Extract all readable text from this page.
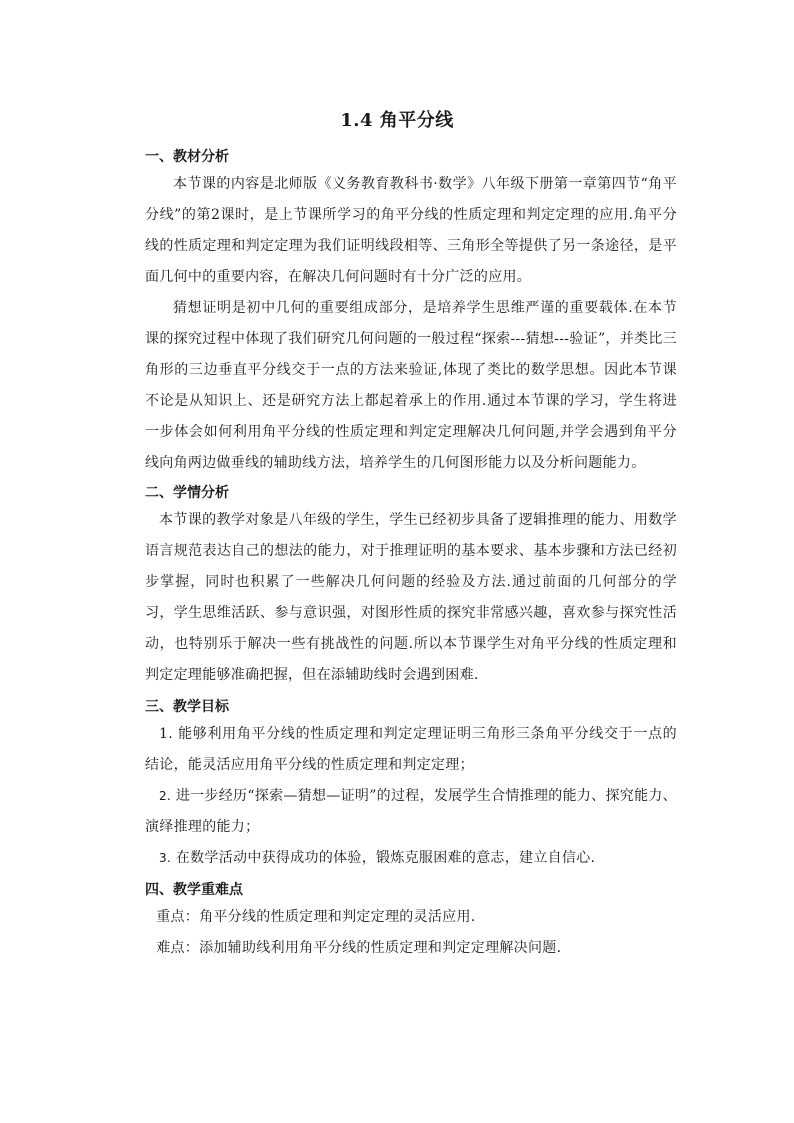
1.4 角平分线
一、教材分析

本节课的内容是北师版《义务教育教科书·数学》八年级下册第一章第四节“角平分线”的第2课时，是上节课所学习的角平分线的性质定理和判定定理的应用.角平分线的性质定理和判定定理为我们证明线段相等、三角形全等提供了另一条途径，是平面几何中的重要内容，在解决几何问题时有十分广泛的应用。

猜想证明是初中几何的重要组成部分，是培养学生思维严谨的重要载体.在本节课的探究过程中体现了我们研究几何问题的一般过程“探索---猜想---验证”，并类比三角形的三边垂直平分线交于一点的方法来验证,体现了类比的数学思想。因此本节课不论是从知识上、还是研究方法上都起着承上的作用.通过本节课的学习，学生将进一步体会如何利用角平分线的性质定理和判定定理解决几何问题,并学会遇到角平分线向角两边做垂线的辅助线方法，培养学生的几何图形能力以及分析问题能力。

二、学情分析

本节课的教学对象是八年级的学生，学生已经初步具备了逻辑推理的能力、用数学语言规范表达自己的想法的能力，对于推理证明的基本要求、基本步骤和方法已经初步掌握，同时也积累了一些解决几何问题的经验及方法.通过前面的几何部分的学习，学生思维活跃、参与意识强，对图形性质的探究非常感兴趣，喜欢参与探究性活动，也特别乐于解决一些有挑战性的问题.所以本节课学生对角平分线的性质定理和判定定理能够准确把握，但在添辅助线时会遇到困难.

三、教学目标

1. 能够利用角平分线的性质定理和判定定理证明三角形三条角平分线交于一点的结论，能灵活应用角平分线的性质定理和判定定理；

2. 进一步经历“探索—猜想—证明”的过程，发展学生合情推理的能力、探究能力、演绎推理的能力；

3. 在数学活动中获得成功的体验，锻炼克服困难的意志，建立自信心.

四、教学重难点

重点：角平分线的性质定理和判定定理的灵活应用.

难点：添加辅助线利用角平分线的性质定理和判定定理解决问题.
